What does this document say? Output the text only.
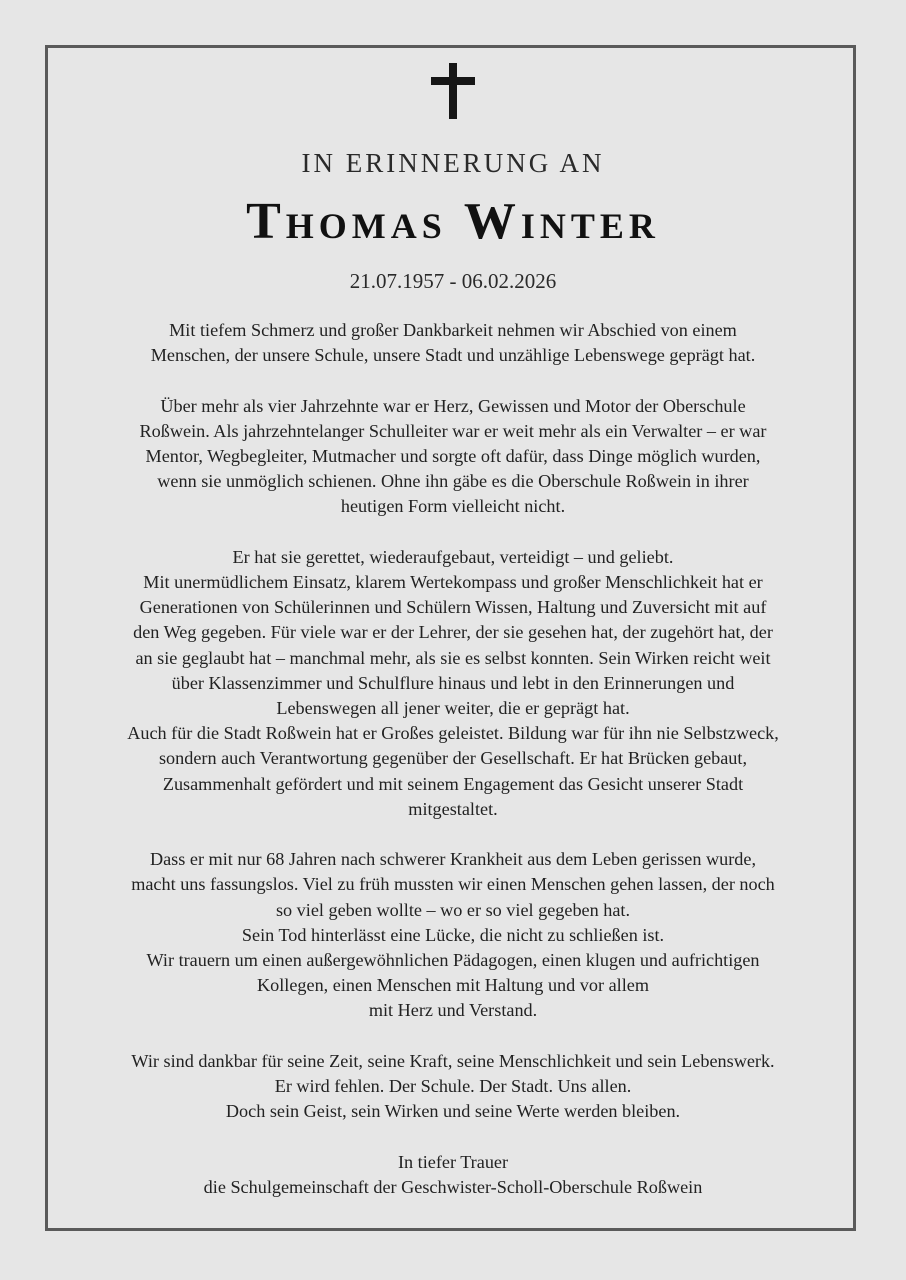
IN ERINNERUNG AN
Thomas Winter
21.07.1957 - 06.02.2026
Mit tiefem Schmerz und großer Dankbarkeit nehmen wir Abschied von einem
Menschen, der unsere Schule, unsere Stadt und unzählige Lebenswege geprägt hat.
Über mehr als vier Jahrzehnte war er Herz, Gewissen und Motor der Oberschule
Roßwein. Als jahrzehntelanger Schulleiter war er weit mehr als ein Verwalter – er war
Mentor, Wegbegleiter, Mutmacher und sorgte oft dafür, dass Dinge möglich wurden,
wenn sie unmöglich schienen. Ohne ihn gäbe es die Oberschule Roßwein in ihrer
heutigen Form vielleicht nicht.
Er hat sie gerettet, wiederaufgebaut, verteidigt – und geliebt.
Mit unermüdlichem Einsatz, klarem Wertekompass und großer Menschlichkeit hat er
Generationen von Schülerinnen und Schülern Wissen, Haltung und Zuversicht mit auf
den Weg gegeben. Für viele war er der Lehrer, der sie gesehen hat, der zugehört hat, der
an sie geglaubt hat – manchmal mehr, als sie es selbst konnten. Sein Wirken reicht weit
über Klassenzimmer und Schulflure hinaus und lebt in den Erinnerungen und
Lebenswegen all jener weiter, die er geprägt hat.
Auch für die Stadt Roßwein hat er Großes geleistet. Bildung war für ihn nie Selbstzweck,
sondern auch Verantwortung gegenüber der Gesellschaft. Er hat Brücken gebaut,
Zusammenhalt gefördert und mit seinem Engagement das Gesicht unserer Stadt
mitgestaltet.
Dass er mit nur 68 Jahren nach schwerer Krankheit aus dem Leben gerissen wurde,
macht uns fassungslos. Viel zu früh mussten wir einen Menschen gehen lassen, der noch
so viel geben wollte – wo er so viel gegeben hat.
Sein Tod hinterlässt eine Lücke, die nicht zu schließen ist.
Wir trauern um einen außergewöhnlichen Pädagogen, einen klugen und aufrichtigen
Kollegen, einen Menschen mit Haltung und vor allem
mit Herz und Verstand.
Wir sind dankbar für seine Zeit, seine Kraft, seine Menschlichkeit und sein Lebenswerk.
Er wird fehlen. Der Schule. Der Stadt. Uns allen.
Doch sein Geist, sein Wirken und seine Werte werden bleiben.
In tiefer Trauer
die Schulgemeinschaft der Geschwister-Scholl-Oberschule Roßwein
